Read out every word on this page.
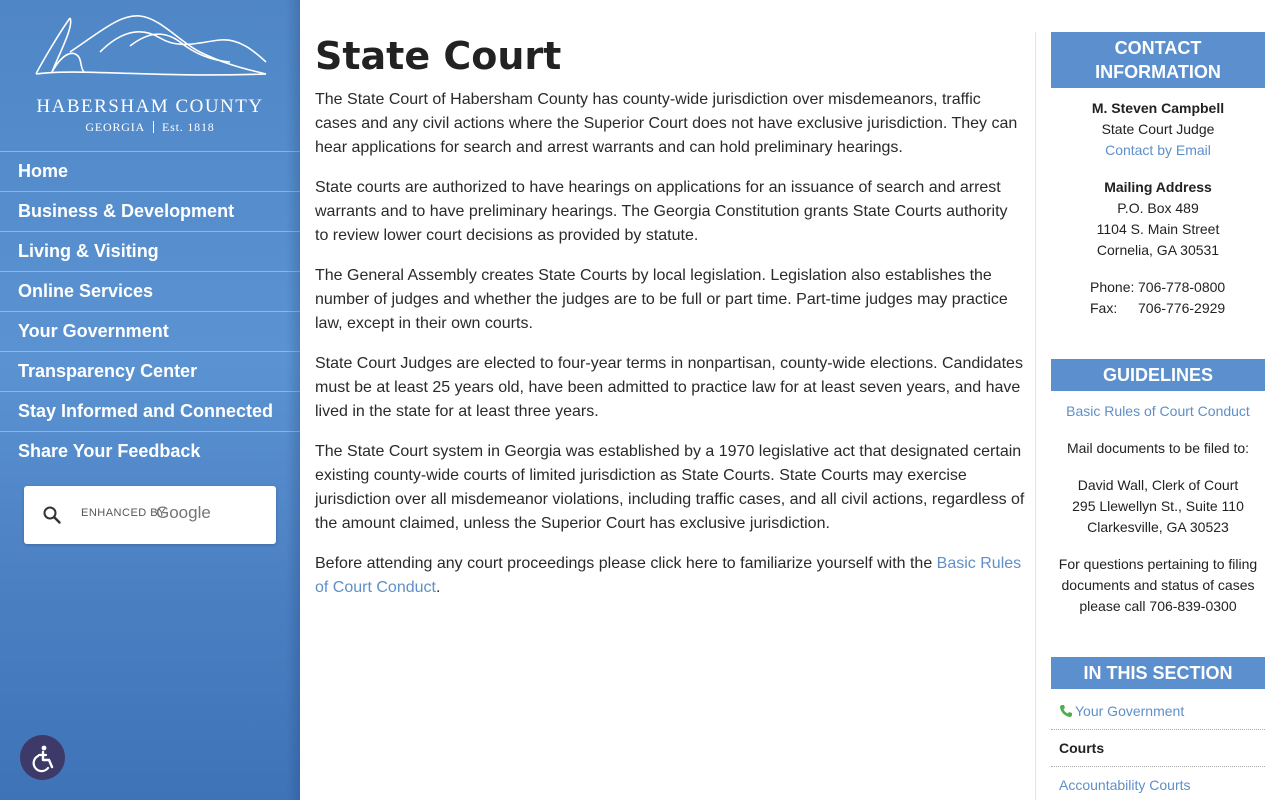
HABERSHAM COUNTY
GEORGIA Est. 1818
Home
Business & Development
Living & Visiting
Online Services
Your Government
Transparency Center
Stay Informed and Connected
Share Your Feedback
ENHANCED BY
Google
State Court

The State Court of Habersham County has county-wide jurisdiction over misdemeanors, traffic cases and any civil actions where the Superior Court does not have exclusive jurisdiction. They can hear applications for search and arrest warrants and can hold preliminary hearings.

State courts are authorized to have hearings on applications for an issuance of search and arrest warrants and to have preliminary hearings. The Georgia Constitution grants State Courts authority to review lower court decisions as provided by statute.

The General Assembly creates State Courts by local legislation. Legislation also establishes the number of judges and whether the judges are to be full or part time. Part-time judges may practice law, except in their own courts.

State Court Judges are elected to four-year terms in nonpartisan, county-wide elections. Candidates must be at least 25 years old, have been admitted to practice law for at least seven years, and have lived in the state for at least three years.

The State Court system in Georgia was established by a 1970 legislative act that designated certain existing county-wide courts of limited jurisdiction as State Courts. State Courts may exercise jurisdiction over all misdemeanor violations, including traffic cases, and all civil actions, regardless of the amount claimed, unless the Superior Court has exclusive jurisdiction.

Before attending any court proceedings please click here to familiarize yourself with the Basic Rules of Court Conduct.

CONTACT INFORMATION
M. Steven Campbell
State Court Judge
Contact by Email
Mailing Address
P.O. Box 489
1104 S. Main Street
Cornelia, GA 30531
Phone: 706-778-0800
Fax:	706-776-2929
GUIDELINES
Basic Rules of Court Conduct
Mail documents to be filed to:
David Wall, Clerk of Court
295 Llewellyn St., Suite 110
Clarkesville, GA 30523
For questions pertaining to filing documents and status of cases please call 706-839-0300
IN THIS SECTION
Your Government
Courts
Accountability Courts
